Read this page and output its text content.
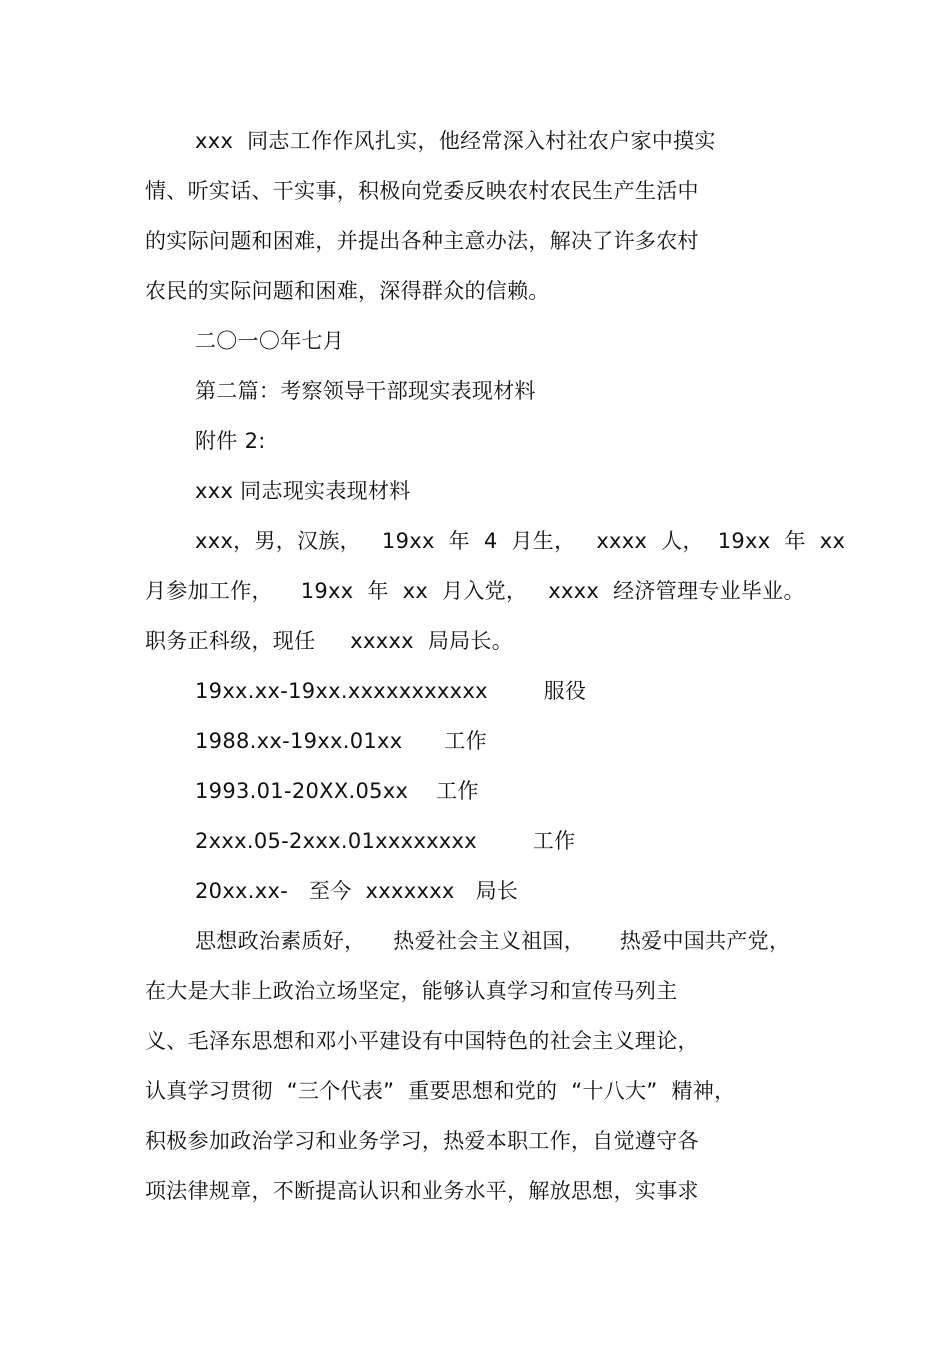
xxx  同志工作作风扎实，他经常深入村社农户家中摸实
情、听实话、干实事，积极向党委反映农村农民生产生活中
的实际问题和困难，并提出各种主意办法，解决了许多农村
农民的实际问题和困难，深得群众的信赖。
二〇一〇年七月
第二篇：考察领导干部现实表现材料
附件 2:
xxx 同志现实表现材料
xxx，男，汉族，   19xx  年  4  月生，   xxxx  人，  19xx  年  xx
月参加工作，    19xx  年  xx  月入党，   xxxx  经济管理专业毕业。
职务正科级，现任     xxxxx  局局长。
19xx.xx-19xx.xxxxxxxxxxx        服役
1988.xx-19xx.01xx      工作
1993.01-20XX.05xx    工作
2xxx.05-2xxx.01xxxxxxxx        工作
20xx.xx-   至今  xxxxxxx   局长
思想政治素质好，    热爱社会主义祖国，     热爱中国共产党，
在大是大非上政治立场坚定，能够认真学习和宣传马列主
义、毛泽东思想和邓小平建设有中国特色的社会主义理论，
认真学习贯彻  “三个代表”  重要思想和党的  “十八大”  精神，
积极参加政治学习和业务学习，热爱本职工作，自觉遵守各
项法律规章，不断提高认识和业务水平，解放思想，实事求
